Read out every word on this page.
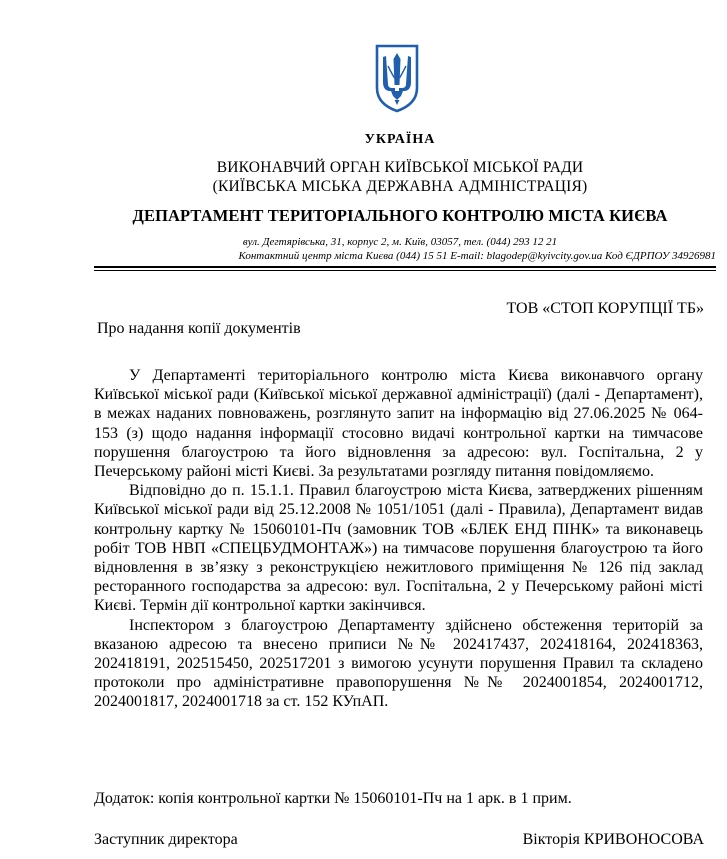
УКРАЇНА
ВИКОНАВЧИЙ ОРГАН КИЇВСЬКОЇ МІСЬКОЇ РАДИ
(КИЇВСЬКА МІСЬКА ДЕРЖАВНА АДМІНІСТРАЦІЯ)
ДЕПАРТАМЕНТ ТЕРИТОРІАЛЬНОГО КОНТРОЛЮ МІСТА КИЄВА
вул. Дегтярівська, 31, корпус 2, м. Київ, 03057, тел. (044) 293 12 21
Контактний центр міста Києва (044) 15 51 E-mail: blagodep@kyivcity.gov.ua Код ЄДРПОУ 34926981
ТОВ «СТОП КОРУПЦІЇ ТБ»
Про надання копії документів

У Департаменті територіального контролю міста Києва виконавчого органу Київської міської ради (Київської міської державної адміністрації) (далі - Департамент), в межах наданих повноважень, розглянуто запит на інформацію від 27.06.2025 № 064-153 (з) щодо надання інформації стосовно видачі контрольної картки на тимчасове порушення благоустрою та його відновлення за адресою: вул. Госпітальна, 2 у Печерському районі місті Києві. За результатами розгляду питання повідомляємо.

Відповідно до п. 15.1.1. Правил благоустрою міста Києва, затверджених рішенням Київської міської ради від 25.12.2008 № 1051/1051 (далі - Правила), Департамент видав контрольну картку № 15060101-Пч (замовник ТОВ «БЛЕК ЕНД ПІНК» та виконавець робіт ТОВ НВП «СПЕЦБУДМОНТАЖ») на тимчасове порушення благоустрою та його відновлення в зв’язку з реконструкцією нежитлового приміщення № 126 під заклад ресторанного господарства за адресою: вул. Госпітальна, 2 у Печерському районі місті Києві. Термін дії контрольної картки закінчився.

Інспектором з благоустрою Департаменту здійснено обстеження територій за вказаною адресою та внесено приписи №№ 202417437, 202418164, 202418363, 202418191, 202515450, 202517201 з вимогою усунути порушення Правил та складено протоколи про адміністративне правопорушення №№ 2024001854, 2024001712, 2024001817, 2024001718 за ст. 152 КУпАП.

Додаток: копія контрольної картки № 15060101-Пч на 1 арк. в 1 прим.
Заступник директора	Вікторія КРИВОНОСОВА
